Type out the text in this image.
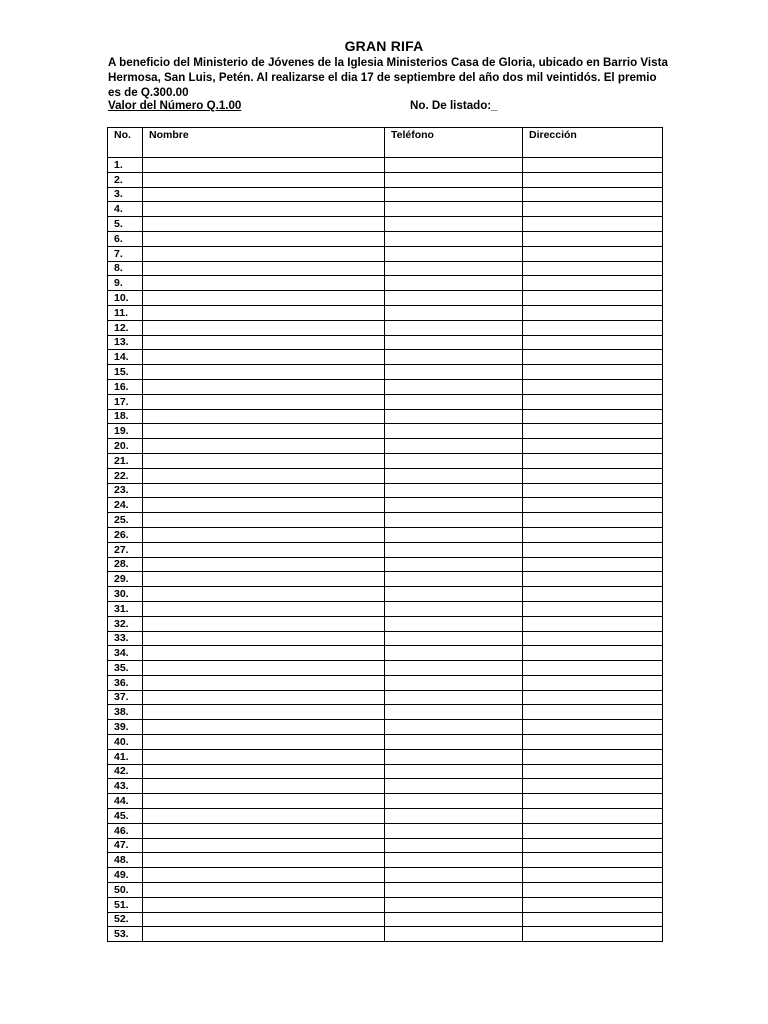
GRAN RIFA
A beneficio del Ministerio de Jóvenes de la Iglesia Ministerios Casa de Gloria, ubicado en Barrio Vista Hermosa, San Luis, Petén. Al realizarse el dia 17 de septiembre del año dos mil veintidós. El premio es de Q.300.00
Valor del Número Q.1.00	No. De listado:_
No.	Nombre	Teléfono	Dirección
1.			
2.			
3.			
4.			
5.			
6.			
7.			
8.			
9.			
10.			
11.			
12.			
13.			
14.			
15.			
16.			
17.			
18.			
19.			
20.			
21.			
22.			
23.			
24.			
25.			
26.			
27.			
28.			
29.			
30.			
31.			
32.			
33.			
34.			
35.			
36.			
37.			
38.			
39.			
40.			
41.			
42.			
43.			
44.			
45.			
46.			
47.			
48.			
49.			
50.			
51.			
52.			
53.			
